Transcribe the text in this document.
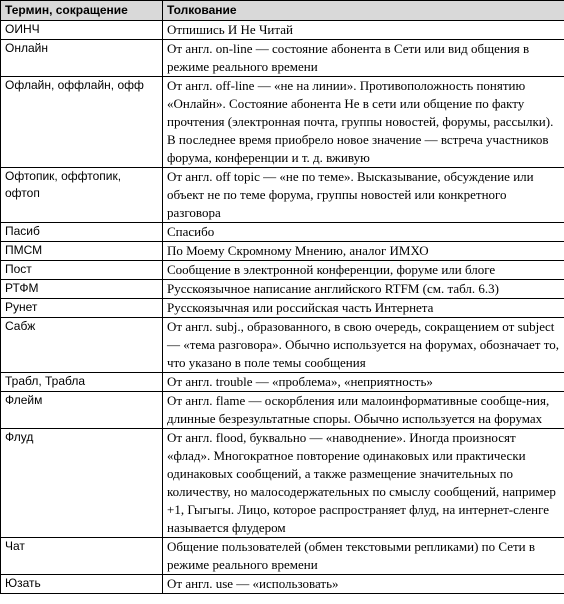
Термин, сокращение	Толкование
ОИНЧ	Отпишись И Не Читай
Онлайн	От англ. on-line — состояние абонента в Сети или вид общения в режиме реального времени
Офлайн, оффлайн, офф	От англ. off-line — «не на линии». Противоположность понятию «Онлайн». Состояние абонента Не в сети или общение по факту прочтения (электронная почта, группы новостей, форумы, рассылки). В последнее время приобрело новое значение — встреча участников форума, конференции и т. д. вживую
Офтопик, оффтопик, офтоп	От англ. off topic — «не по теме». Высказывание, обсуждение или объект не по теме форума, группы новостей или конкретного разговора
Пасиб	Спасибо
ПМСМ	По Моему Скромному Мнению, аналог ИМХО
Пост	Сообщение в электронной конференции, форуме или блоге
РТФМ	Русскоязычное написание английского RTFM (см. табл. 6.3)
Рунет	Русскоязычная или российская часть Интернета
Сабж	От англ. subj., образованного, в свою очередь, сокращением от subject — «тема разговора». Обычно используется на форумах, обозначает то, что указано в поле темы сообщения
Трабл, Трабла	От англ. trouble — «проблема», «неприятность»
Флейм	От англ. flame — оскорбления или малоинформативные сообще-ния, длинные безрезультатные споры. Обычно используется на форумах
Флуд	От англ. flood, буквально — «наводнение». Иногда произносят «флад». Многократное повторение одинаковых или практически одинаковых сообщений, а также размещение значительных по количеству, но малосодержательных по смыслу сообщений, например +1, Гыгыгы. Лицо, которое распространяет флуд, на интернет-сленге называется флудером
Чат	Общение пользователей (обмен текстовыми репликами) по Сети в режиме реального времени
Юзать	От англ. use — «использовать»
